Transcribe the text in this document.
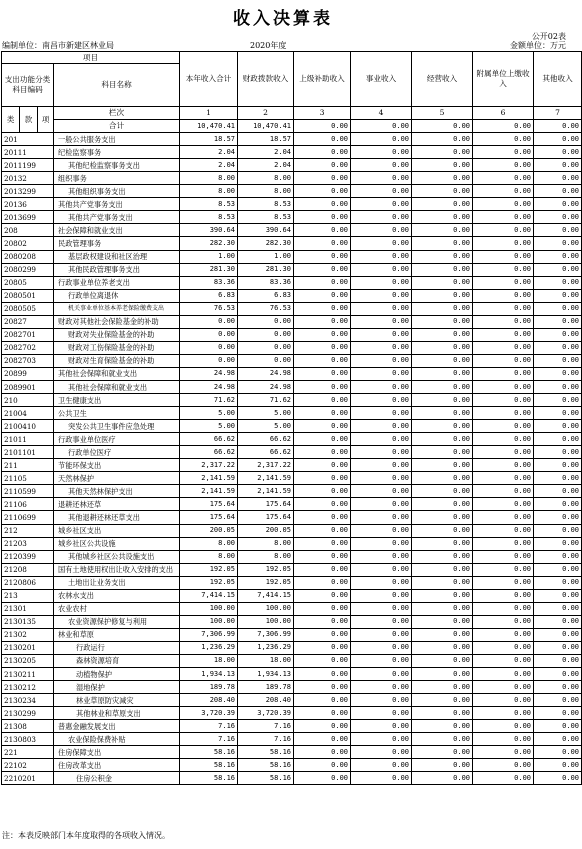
收入决算表
公开02表
编制单位：南昌市新建区林业局	2020年度	金额单位：万元
项目				本年收入合计	财政拨款收入	上级补助收入	事业收入	经营收入	附属单位上缴收入	其他收入
支出功能分类科目编码			科目名称							

类	款	项	栏次	1	2	3	4	5	6	7
			合计	10,470.41	10,470.41	0.00	0.00	0.00	0.00	0.00
201			一般公共服务支出	18.57	18.57	0.00	0.00	0.00	0.00	0.00
20111			纪检监察事务	2.04	2.04	0.00	0.00	0.00	0.00	0.00
2011199			其他纪检监察事务支出	2.04	2.04	0.00	0.00	0.00	0.00	0.00
20132			组织事务	8.00	8.00	0.00	0.00	0.00	0.00	0.00
2013299			其他组织事务支出	8.00	8.00	0.00	0.00	0.00	0.00	0.00
20136			其他共产党事务支出	8.53	8.53	0.00	0.00	0.00	0.00	0.00
2013699			其他共产党事务支出	8.53	8.53	0.00	0.00	0.00	0.00	0.00
208			社会保障和就业支出	390.64	390.64	0.00	0.00	0.00	0.00	0.00
20802			民政管理事务	282.30	282.30	0.00	0.00	0.00	0.00	0.00
2080208			基层政权建设和社区治理	1.00	1.00	0.00	0.00	0.00	0.00	0.00
2080299			其他民政管理事务支出	281.30	281.30	0.00	0.00	0.00	0.00	0.00
20805			行政事业单位养老支出	83.36	83.36	0.00	0.00	0.00	0.00	0.00
2080501			行政单位离退休	6.83	6.83	0.00	0.00	0.00	0.00	0.00
2080505			机关事业单位基本养老保险缴费支出	76.53	76.53	0.00	0.00	0.00	0.00	0.00
20827			财政对其他社会保险基金的补助	0.00	0.00	0.00	0.00	0.00	0.00	0.00
2082701			财政对失业保险基金的补助	0.00	0.00	0.00	0.00	0.00	0.00	0.00
2082702			财政对工伤保险基金的补助	0.00	0.00	0.00	0.00	0.00	0.00	0.00
2082703			财政对生育保险基金的补助	0.00	0.00	0.00	0.00	0.00	0.00	0.00
20899			其他社会保障和就业支出	24.98	24.98	0.00	0.00	0.00	0.00	0.00
2089901			其他社会保障和就业支出	24.98	24.98	0.00	0.00	0.00	0.00	0.00
210			卫生健康支出	71.62	71.62	0.00	0.00	0.00	0.00	0.00
21004			公共卫生	5.00	5.00	0.00	0.00	0.00	0.00	0.00
2100410			突发公共卫生事件应急处理	5.00	5.00	0.00	0.00	0.00	0.00	0.00
21011			行政事业单位医疗	66.62	66.62	0.00	0.00	0.00	0.00	0.00
2101101			行政单位医疗	66.62	66.62	0.00	0.00	0.00	0.00	0.00
211			节能环保支出	2,317.22	2,317.22	0.00	0.00	0.00	0.00	0.00
21105			天然林保护	2,141.59	2,141.59	0.00	0.00	0.00	0.00	0.00
2110599			其他天然林保护支出	2,141.59	2,141.59	0.00	0.00	0.00	0.00	0.00
21106			退耕还林还草	175.64	175.64	0.00	0.00	0.00	0.00	0.00
2110699			其他退耕还林还草支出	175.64	175.64	0.00	0.00	0.00	0.00	0.00
212			城乡社区支出	200.05	200.05	0.00	0.00	0.00	0.00	0.00
21203			城乡社区公共设施	8.00	8.00	0.00	0.00	0.00	0.00	0.00
2120399			其他城乡社区公共设施支出	8.00	8.00	0.00	0.00	0.00	0.00	0.00
21208			国有土地使用权出让收入安排的支出	192.05	192.05	0.00	0.00	0.00	0.00	0.00
2120806			土地出让业务支出	192.05	192.05	0.00	0.00	0.00	0.00	0.00
213			农林水支出	7,414.15	7,414.15	0.00	0.00	0.00	0.00	0.00
21301			农业农村	100.00	100.00	0.00	0.00	0.00	0.00	0.00
2130135			农业资源保护修复与利用	100.00	100.00	0.00	0.00	0.00	0.00	0.00
21302			林业和草原	7,306.99	7,306.99	0.00	0.00	0.00	0.00	0.00
2130201			行政运行	1,236.29	1,236.29	0.00	0.00	0.00	0.00	0.00
2130205			森林资源培育	18.00	18.00	0.00	0.00	0.00	0.00	0.00
2130211			动植物保护	1,934.13	1,934.13	0.00	0.00	0.00	0.00	0.00
2130212			湿地保护	189.78	189.78	0.00	0.00	0.00	0.00	0.00
2130234			林业草原防灾减灾	208.40	208.40	0.00	0.00	0.00	0.00	0.00
2130299			其他林业和草原支出	3,720.39	3,720.39	0.00	0.00	0.00	0.00	0.00
21308			普惠金融发展支出	7.16	7.16	0.00	0.00	0.00	0.00	0.00
2130803			农业保险保费补贴	7.16	7.16	0.00	0.00	0.00	0.00	0.00
221			住房保障支出	58.16	58.16	0.00	0.00	0.00	0.00	0.00
22102			住房改革支出	58.16	58.16	0.00	0.00	0.00	0.00	0.00
2210201			住房公积金	58.16	58.16	0.00	0.00	0.00	0.00	0.00
注：本表反映部门本年度取得的各项收入情况。
